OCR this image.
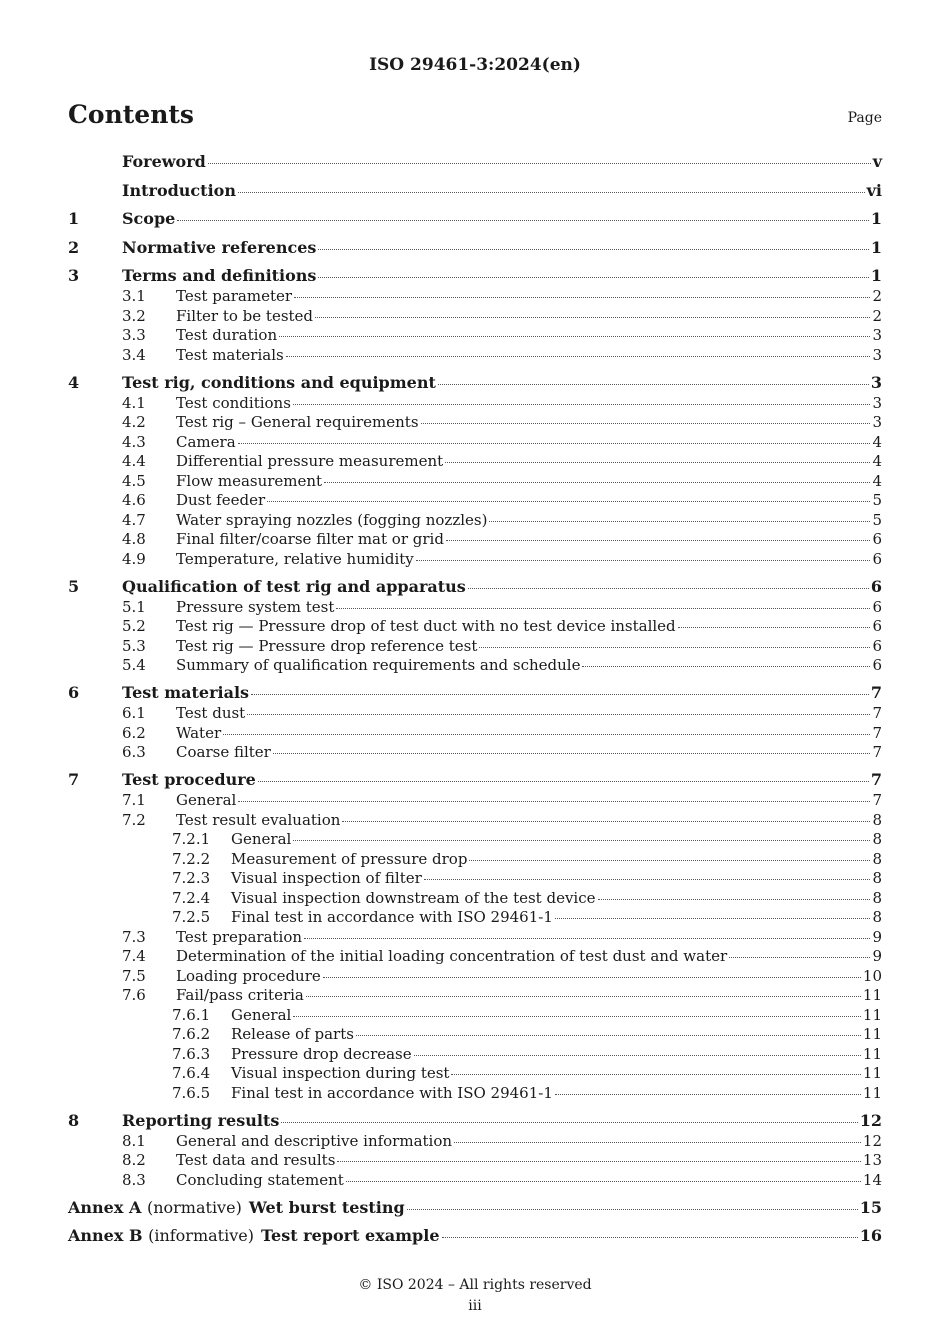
ISO 29461-3:2024(en)
Contents	Page
Foreword	v
Introduction	vi
1	Scope	1
2	Normative references	1
3	Terms and definitions	1
3.1	Test parameter	2
3.2	Filter to be tested	2
3.3	Test duration	3
3.4	Test materials	3
4	Test rig, conditions and equipment	3
4.1	Test conditions	3
4.2	Test rig – General requirements	3
4.3	Camera	4
4.4	Differential pressure measurement	4
4.5	Flow measurement	4
4.6	Dust feeder	5
4.7	Water spraying nozzles (fogging nozzles)	5
4.8	Final filter/coarse filter mat or grid	6
4.9	Temperature, relative humidity	6
5	Qualification of test rig and apparatus	6
5.1	Pressure system test	6
5.2	Test rig — Pressure drop of test duct with no test device installed	6
5.3	Test rig — Pressure drop reference test	6
5.4	Summary of qualification requirements and schedule	6
6	Test materials	7
6.1	Test dust	7
6.2	Water	7
6.3	Coarse filter	7
7	Test procedure	7
7.1	General	7
7.2	Test result evaluation	8
7.2.1	General	8
7.2.2	Measurement of pressure drop	8
7.2.3	Visual inspection of filter	8
7.2.4	Visual inspection downstream of the test device	8
7.2.5	Final test in accordance with ISO 29461-1	8
7.3	Test preparation	9
7.4	Determination of the initial loading concentration of test dust and water	9
7.5	Loading procedure	10
7.6	Fail/pass criteria	11
7.6.1	General	11
7.6.2	Release of parts	11
7.6.3	Pressure drop decrease	11
7.6.4	Visual inspection during test	11
7.6.5	Final test in accordance with ISO 29461-1	11
8	Reporting results	12
8.1	General and descriptive information	12
8.2	Test data and results	13
8.3	Concluding statement	14
Annex A (normative) Wet burst testing	15
Annex B (informative) Test report example	16
© ISO 2024 – All rights reserved
iii
